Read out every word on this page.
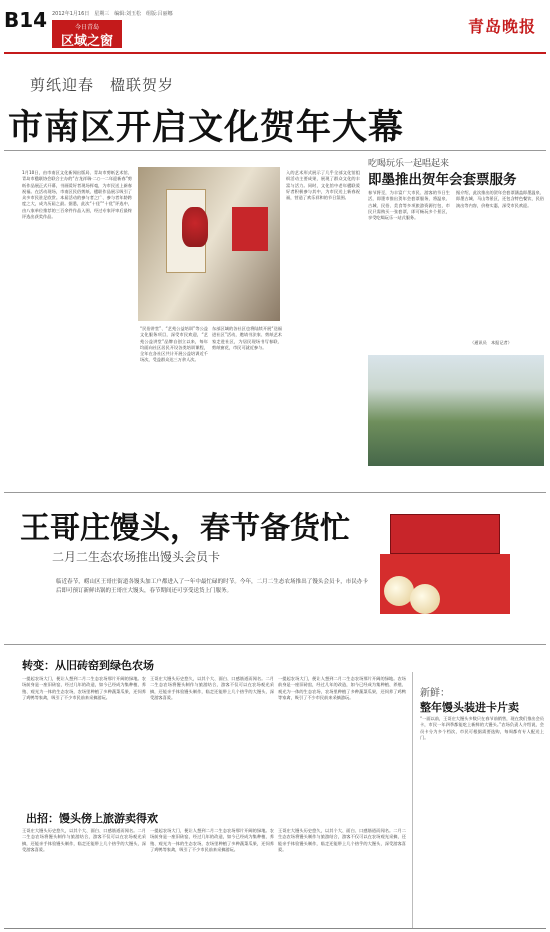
B14 2012年1月16日　星期三　编辑:刘玉松　组版:吕丽娜
今日青岛
区域之窗
青岛晚报
剪纸迎春　楹联贺岁
市南区开启文化贺年大幕
1月10日，由市南区文化新闻出版局、青岛市剪纸艺术馆、青岛市楹联协会联合主办的“吉龙祥瑞·二○一二年迎新春”剪纸作品展正式开幕，书画爱好者现场挥毫，为市民送上新春祝福。在活动现场，市南区民俗剪纸、楹联作品展示吸引了众多市民驻足欣赏。本届活动的参与者之广、参与者年龄跨度之大，成为历届之最。据悉，此次“十佳”“十优”评选中，由八家单位推荐的三百余件作品入围，经过专家评审后最终评选出获奖作品。
“民俗讲堂”、“艺苑公益培训”等公益文化服务项目，深受市民欢迎，“艺苑公益讲堂”品牌自创立以来，每年均面向社区居民开设各类培训课程，全年在各社区共计开展公益培训近千场次，受益群众达三万余人次。
东部区域的各社区也将陆续开展“送福进社区”活动，邀请书法家、剪纸艺术家走进社区，为居民现场书写春联、剪纸窗花，市民可就近参与。
入的艺术形式展示了几乎全部文化馆组织活动主要成果，展现了群众文化的丰富与活力。同时，文化馆中老年楹联爱好者积极参与其中，为市民送上新春祝福，营造了欢乐祥和的节日氛围。
吃喝玩乐一起唱起来
即墨推出贺年会套票服务
春节将至，为丰富广大市民、游客的节日生活，即墨市推出贺年会套票服务，将温泉、古城、民俗、美食等多项旅游资源打包，市民只需购买一张套票，即可畅玩多个景区，享受吃喝玩乐一站式服务。
据介绍，此次推出的贺年会套票涵盖即墨温泉、即墨古城、马山等景区，还包含特色餐饮、民俗演出等内容，价格实惠，深受市民欢迎。
（通讯员　本报记者）
王哥庄馒头，春节备货忙
二月二生态农场推出馒头会员卡
临近春节，崂山区王哥庄街道各馒头加工户都进入了一年中最忙碌的时节。今年，二月二生态农场推出了馒头会员卡，市民办卡后即可预订新鲜出锅的王哥庄大馒头，春节期间还可享受送货上门服务。
转变：从旧砖窑到绿色农场
一提起农场大门，便让人想到二月二生态农场那片开阔的绿地。农场前身是一座旧砖窑，经过几年的改造，如今已经成为集种植、养殖、观光为一体的生态农场，农场里种植了多种蔬菜瓜果，还饲养了鸡鸭等家禽，吸引了不少市民前来采摘游玩。
王哥庄大馒头历史悠久，以其个大、面白、口感筋道而闻名。二月二生态农场将馒头制作与旅游结合，游客不仅可以在农场观光采摘，还能亲手体验馒头制作，临走还能带上几个热乎的大馒头，深受游客喜爱。
一提起农场大门，便让人想到二月二生态农场那片开阔的绿地。农场前身是一座旧砖窑，经过几年的改造，如今已经成为集种植、养殖、观光为一体的生态农场，农场里种植了多种蔬菜瓜果，还饲养了鸡鸭等家禽，吸引了不少市民前来采摘游玩。
出招：馒头傍上旅游卖得欢
王哥庄大馒头历史悠久，以其个大、面白、口感筋道而闻名。二月二生态农场将馒头制作与旅游结合，游客不仅可以在农场观光采摘，还能亲手体验馒头制作，临走还能带上几个热乎的大馒头，深受游客喜爱。
一提起农场大门，便让人想到二月二生态农场那片开阔的绿地。农场前身是一座旧砖窑，经过几年的改造，如今已经成为集种植、养殖、观光为一体的生态农场，农场里种植了多种蔬菜瓜果，还饲养了鸡鸭等家禽，吸引了不少市民前来采摘游玩。
王哥庄大馒头历史悠久，以其个大、面白、口感筋道而闻名。二月二生态农场将馒头制作与旅游结合，游客不仅可以在农场观光采摘，还能亲手体验馒头制作，临走还能带上几个热乎的大馒头，深受游客喜爱。
新鲜：
整年馒头装进卡片卖
“一面以前，王哥庄大馒头多数只在春节前销售，现在我们推出会员卡，市民一年四季都能吃上新鲜的大馒头。”农场负责人介绍说，会员卡分为多个档次，市民可根据需要选购，每周都有专人配送上门。
